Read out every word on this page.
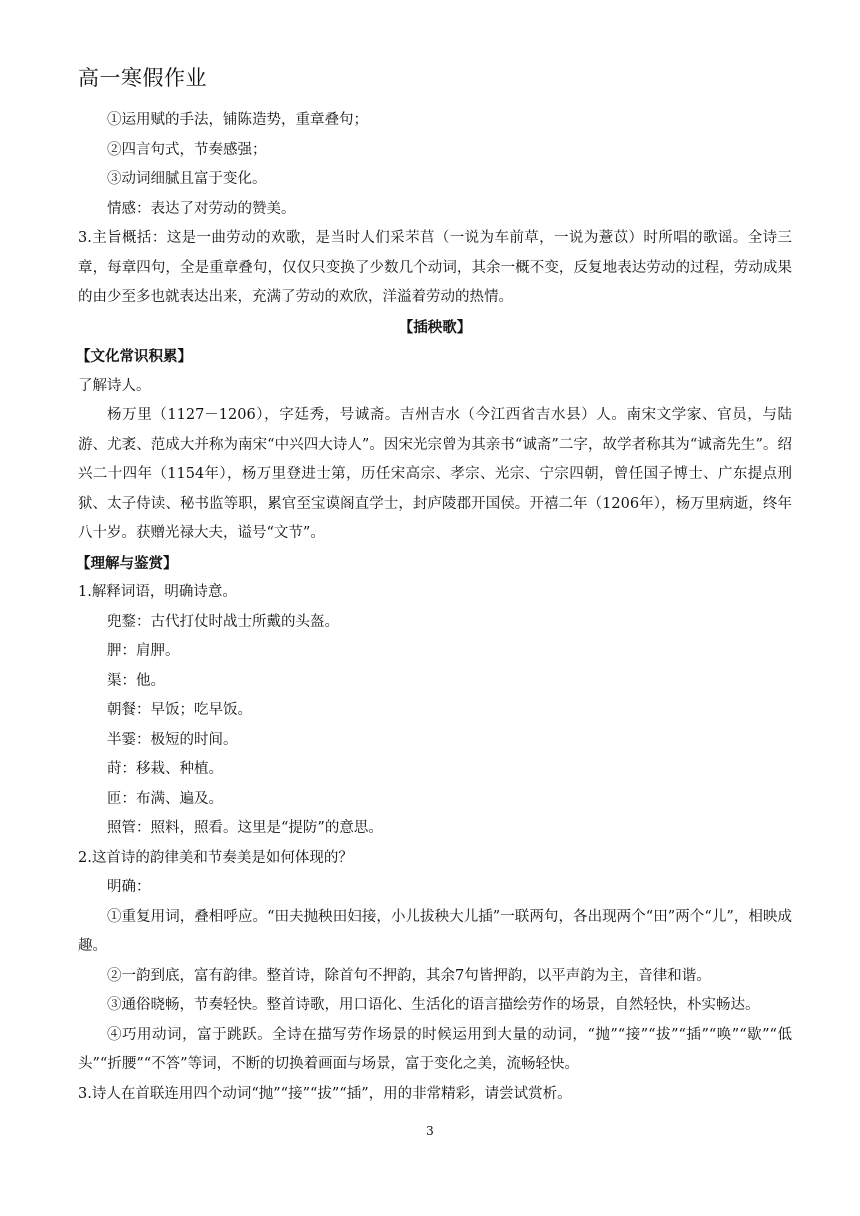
高一寒假作业

①运用赋的手法，铺陈造势，重章叠句；

②四言句式，节奏感强；

③动词细腻且富于变化。

情感：表达了对劳动的赞美。

3.主旨概括：这是一曲劳动的欢歌，是当时人们采芣苢（一说为车前草，一说为薏苡）时所唱的歌谣。全诗三章，每章四句，全是重章叠句，仅仅只变换了少数几个动词，其余一概不变，反复地表达劳动的过程，劳动成果的由少至多也就表达出来，充满了劳动的欢欣，洋溢着劳动的热情。

【插秧歌】

【文化常识积累】

了解诗人。

杨万里（1127－1206），字廷秀，号诚斋。吉州吉水（今江西省吉水县）人。南宋文学家、官员，与陆游、尤袤、范成大并称为南宋“中兴四大诗人”。因宋光宗曾为其亲书“诚斋”二字，故学者称其为“诚斋先生”。绍兴二十四年（1154年），杨万里登进士第，历任宋高宗、孝宗、光宗、宁宗四朝，曾任国子博士、广东提点刑狱、太子侍读、秘书监等职，累官至宝谟阁直学士，封庐陵郡开国侯。开禧二年（1206年），杨万里病逝，终年八十岁。获赠光禄大夫，谥号“文节”。

【理解与鉴赏】

1.解释词语，明确诗意。

兜鍪：古代打仗时战士所戴的头盔。

胛：肩胛。

渠：他。

朝餐：早饭；吃早饭。

半霎：极短的时间。

莳：移栽、种植。

匝：布满、遍及。

照管：照料，照看。这里是“提防”的意思。

2.这首诗的韵律美和节奏美是如何体现的？

明确：

①重复用词，叠相呼应。“田夫抛秧田妇接，小儿拔秧大儿插”一联两句，各出现两个“田”两个“儿”，相映成趣。

②一韵到底，富有韵律。整首诗，除首句不押韵，其余7句皆押韵，以平声韵为主，音律和谐。

③通俗晓畅，节奏轻快。整首诗歌，用口语化、生活化的语言描绘劳作的场景，自然轻快，朴实畅达。

④巧用动词，富于跳跃。全诗在描写劳作场景的时候运用到大量的动词，“抛”“接”“拔”“插”“唤”“歇”“低头”“折腰”“不答”等词，不断的切换着画面与场景，富于变化之美，流畅轻快。

3.诗人在首联连用四个动词“抛”“接”“拔”“插”，用的非常精彩，请尝试赏析。

3
